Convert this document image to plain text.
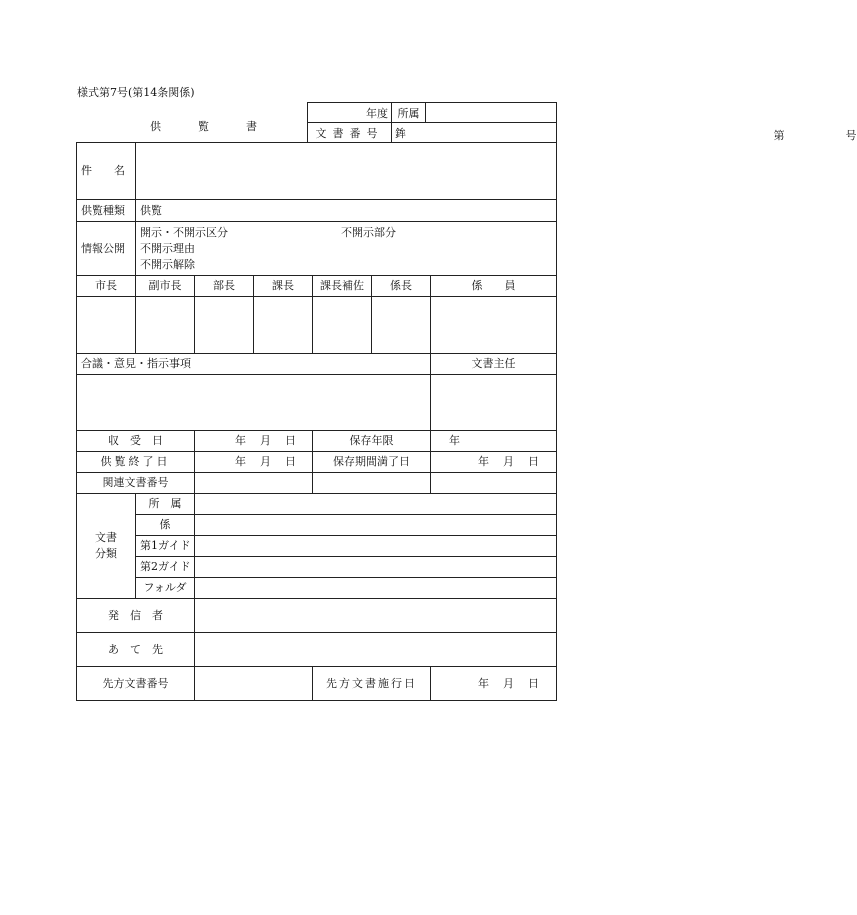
様式第7号(第14条関係)
供　覧　書
年度	所属	
文書番号	鉾 第 号	
件　　名						
供覧種類	供覧					
情報公開	開示・不開示区分 不開示部分
不開示理由
不開示解除					

市長	副市長	部長	課長	課長補佐	係長	係　　員

合議・意見・指示事項						文書主任

収　受　日		年 月 日		保存年限		年
供覧終了日		年 月 日		保存期間満了日		年 月 日
関連文書番号						

文書
分類	所　属					
	係					
	第1ガイド					
	第2ガイド					
	フォルダ					
発　信　者						
あ　て　先						
先方文書番号				先方文書施行日		年 月 日
